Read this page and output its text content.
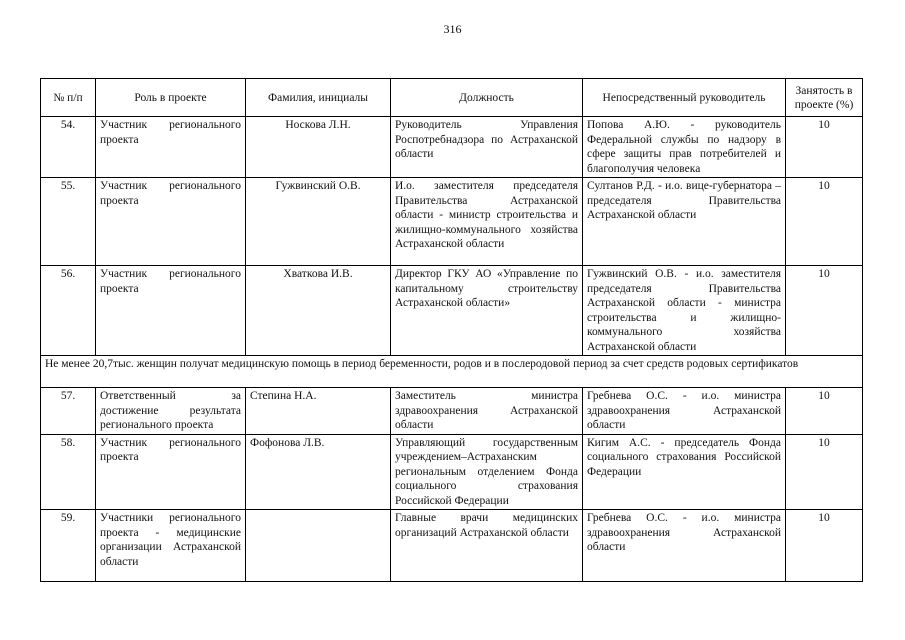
316
№ п/п	Роль в проекте	Фамилия, инициалы	Должность	Непосредственный руководитель	Занятость в проекте (%)
54.	Участник регионального проекта	Носкова Л.Н.	Руководитель Управления Роспотребнадзора по Астраханской области	Попова А.Ю. - руководитель Федеральной службы по надзору в сфере защиты прав потребителей и благополучия человека	10
55.	Участник регионального проекта	Гужвинский О.В.	И.о. заместителя председателя Правительства Астраханской области - министр строительства и жилищно-коммунального хозяйства Астраханской области	Султанов Р.Д. - и.о. вице-губернатора – председателя Правительства Астраханской области	10
56.	Участник регионального проекта	Хваткова И.В.	Директор ГКУ АО «Управление по капитальному строительству Астраханской области»	Гужвинский О.В. - и.о. заместителя председателя Правительства Астраханской области - министра строительства и жилищно-коммунального хозяйства Астраханской области	10
Не менее 20,7тыс. женщин получат медицинскую помощь в период беременности, родов и в послеродовой период за счет средств родовых сертификатов					
57.	Ответственный за достижение результата регионального проекта	Степина Н.А.	Заместитель министра здравоохранения Астраханской области	Гребнева О.С. - и.о. министра здравоохранения Астраханской области	10
58.	Участник регионального проекта	Фофонова Л.В.	Управляющий государственным учреждением–Астраханским региональным отделением Фонда социального страхования Российской Федерации	Кигим А.С. - председатель Фонда социального страхования Российской Федерации	10
59.	Участники регионального проекта - медицинские организации Астраханской области		Главные врачи медицинских организаций Астраханской области	Гребнева О.С. - и.о. министра здравоохранения Астраханской области	10
